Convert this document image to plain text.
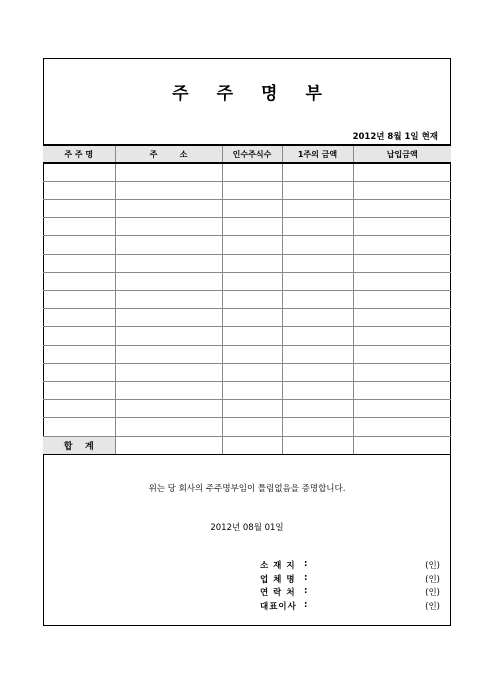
주 주 명 부
2012년 8월 1일 현재
주 주 명	주        소	인수주식수	1주의 금액	납입금액

합    계				
위는 당 회사의 주주명부임이 틀림없음을 증명합니다.
2012년 08월 01일
소 재 지 :	(인)
업 체 명 :	(인)
연 락 처 :	(인)
대표이사 :	(인)
